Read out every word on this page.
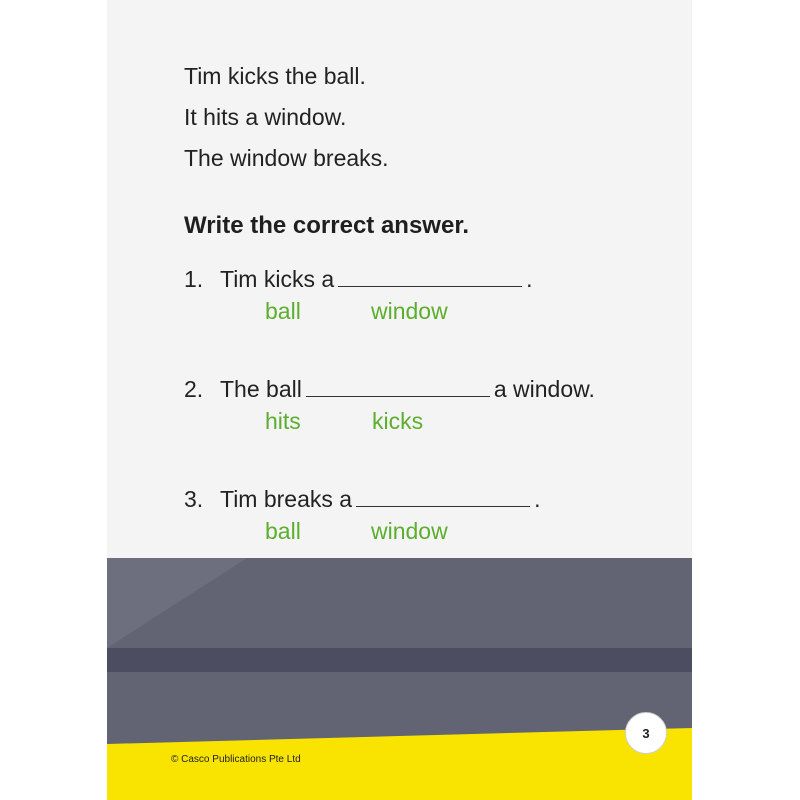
Tim kicks the ball.
It hits a window.
The window breaks.
Write the correct answer.
1. Tim kicks a	.
ball	window
2. The ball	a window.
hits	kicks
3. Tim breaks a	.
ball	window
© Casco Publications Pte Ltd
3
